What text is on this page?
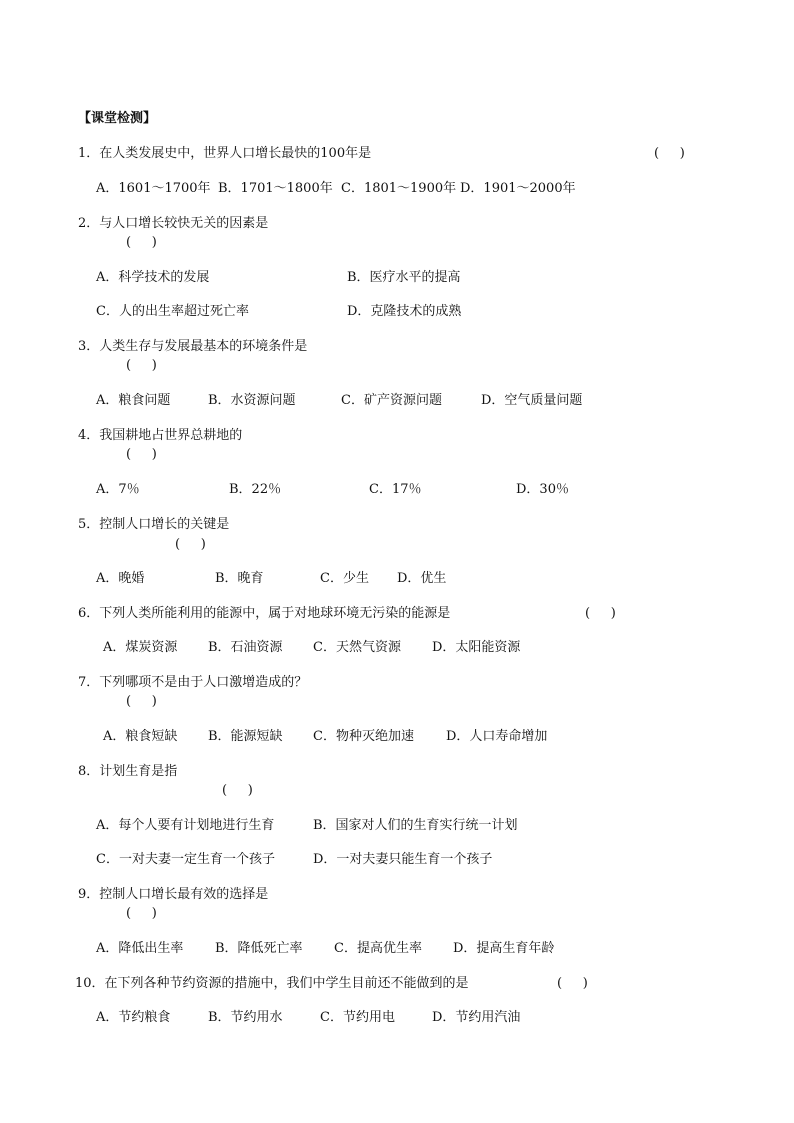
【课堂检测】
1．在人类发展史中，世界人口增长最快的100年是	(     )
A．1601～1700年 B．1701～1800年 C．1801～1900年 D．1901～2000年
2．与人口增长较快无关的因素是
(     )
A．科学技术的发展	B．医疗水平的提高
C．人的出生率超过死亡率	D．克隆技术的成熟
3．人类生存与发展最基本的环境条件是
(     )
A．粮食问题	B．水资源问题	C．矿产资源问题	D．空气质量问题
4．我国耕地占世界总耕地的
(     )
A．7％	B．22％	C．17％	D．30％
5．控制人口增长的关键是
(     )
A．晚婚	B．晚育	C．少生 D．优生
6．下列人类所能利用的能源中，属于对地球环境无污染的能源是	(     )
A．煤炭资源 B．石油资源 C．天然气资源 D．太阳能资源
7．下列哪项不是由于人口激增造成的？
(     )
A．粮食短缺 B．能源短缺 C．物种灭绝加速 D．人口寿命增加
8．计划生育是指
(     )
A．每个人要有计划地进行生育	B．国家对人们的生育实行统一计划
C．一对夫妻一定生育一个孩子	D．一对夫妻只能生育一个孩子
9．控制人口增长最有效的选择是
(     )
A．降低出生率 B．降低死亡率 C．提高优生率 D．提高生育年龄
10．在下列各种节约资源的措施中，我们中学生目前还不能做到的是	(     )
A．节约粮食	B．节约用水	C．节约用电	D．节约用汽油
